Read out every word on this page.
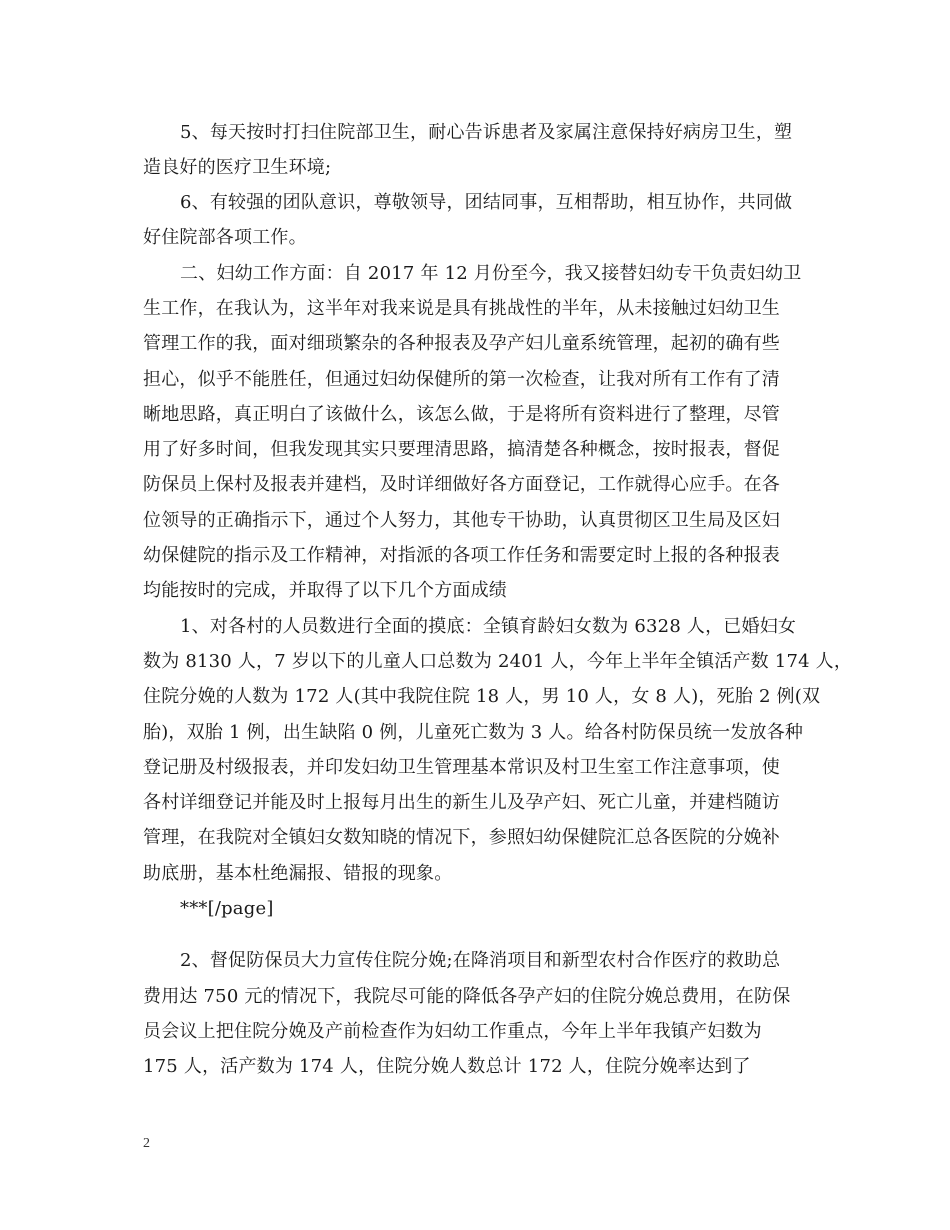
5、每天按时打扫住院部卫生，耐心告诉患者及家属注意保持好病房卫生，塑
造良好的医疗卫生环境;
6、有较强的团队意识，尊敬领导，团结同事，互相帮助，相互协作，共同做
好住院部各项工作。
二、妇幼工作方面：自 2017 年 12 月份至今，我又接替妇幼专干负责妇幼卫
生工作，在我认为，这半年对我来说是具有挑战性的半年，从未接触过妇幼卫生
管理工作的我，面对细琐繁杂的各种报表及孕产妇儿童系统管理，起初的确有些
担心，似乎不能胜任，但通过妇幼保健所的第一次检查，让我对所有工作有了清
晰地思路，真正明白了该做什么，该怎么做，于是将所有资料进行了整理，尽管
用了好多时间，但我发现其实只要理清思路，搞清楚各种概念，按时报表，督促
防保员上保村及报表并建档，及时详细做好各方面登记，工作就得心应手。在各
位领导的正确指示下，通过个人努力，其他专干协助，认真贯彻区卫生局及区妇
幼保健院的指示及工作精神，对指派的各项工作任务和需要定时上报的各种报表
均能按时的完成，并取得了以下几个方面成绩
1、对各村的人员数进行全面的摸底：全镇育龄妇女数为 6328 人，已婚妇女
数为 8130 人，7 岁以下的儿童人口总数为 2401 人，今年上半年全镇活产数 174 人，
住院分娩的人数为 172 人(其中我院住院 18 人，男 10 人，女 8 人)，死胎 2 例(双
胎)，双胎 1 例，出生缺陷 0 例，儿童死亡数为 3 人。给各村防保员统一发放各种
登记册及村级报表，并印发妇幼卫生管理基本常识及村卫生室工作注意事项，使
各村详细登记并能及时上报每月出生的新生儿及孕产妇、死亡儿童，并建档随访
管理，在我院对全镇妇女数知晓的情况下，参照妇幼保健院汇总各医院的分娩补
助底册，基本杜绝漏报、错报的现象。
***[/page]
2、督促防保员大力宣传住院分娩;在降消项目和新型农村合作医疗的救助总
费用达 750 元的情况下，我院尽可能的降低各孕产妇的住院分娩总费用，在防保
员会议上把住院分娩及产前检查作为妇幼工作重点，今年上半年我镇产妇数为
175 人，活产数为 174 人，住院分娩人数总计 172 人，住院分娩率达到了
2
